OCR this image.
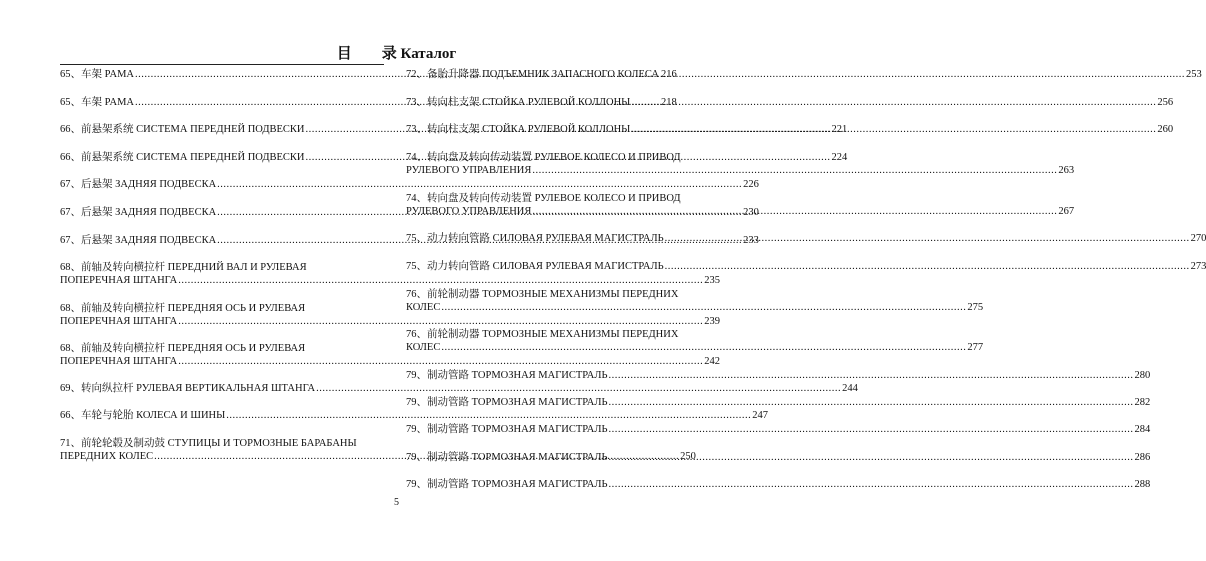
目　　录 Каталог
65、车架 PAMA .....	216
65、车架 PAMA .....	218
66、前悬架系统 СИСТЕМА ПЕРЕДНЕЙ ПОДВЕСКИ .....	221
66、前悬架系统 СИСТЕМА ПЕРЕДНЕЙ ПОДВЕСКИ .....	224
67、后悬架 ЗАДНЯЯ ПОДВЕСКА .....	226
67、后悬架 ЗАДНЯЯ ПОДВЕСКА .....	230
67、后悬架 ЗАДНЯЯ ПОДВЕСКА .....	233
68、前轴及转向横拉杆 ПЕРЕДНИЙ ВАЛ И РУЛЕВАЯ
ПОПЕРЕЧНАЯ ШТАНГА .....	235
68、前轴及转向横拉杆 ПЕРЕДНЯЯ ОСЬ И РУЛЕВАЯ
ПОПЕРЕЧНАЯ ШТАНГА .....	239
68、前轴及转向横拉杆 ПЕРЕДНЯЯ ОСЬ И РУЛЕВАЯ
ПОПЕРЕЧНАЯ ШТАНГА .....	242
69、转向纵拉杆 РУЛЕВАЯ ВЕРТИКАЛЬНАЯ ШТАНГА .....	244
66、车轮与轮胎 КОЛЕСА И ШИНЫ .....	247
71、前轮轮毂及制动鼓 СТУПИЦЫ И ТОРМОЗНЫЕ БАРАБАНЫ
ПЕРЕДНИХ КОЛЕС .....	250
72、备胎升降器 ПОДЪЕМНИК ЗАПАСНОГО КОЛЕСА .....	253
73、转向柱支架 СТОЙКА РУЛЕВОЙ КОЛЛОНЫ .....	256
73、转向柱支架 СТОЙКА РУЛЕВОЙ КОЛЛОНЫ .....	260
74、转向盘及转向传动装置 РУЛЕВОЕ КОЛЕСО И ПРИВОД
РУЛЕВОГО УПРАВЛЕНИЯ .....	263
74、转向盘及转向传动装置 РУЛЕВОЕ КОЛЕСО И ПРИВОД
РУЛЕВОГО УПРАВЛЕНИЯ .....	267
75、动力转向管路 СИЛОВАЯ РУЛЕВАЯ МАГИСТРАЛЬ .....	270
75、动力转向管路 СИЛОВАЯ РУЛЕВАЯ МАГИСТРАЛЬ .....	273
76、前轮制动器 ТОРМОЗНЫЕ МЕХАНИЗМЫ ПЕРЕДНИХ
КОЛЕС .....	275
76、前轮制动器 ТОРМОЗНЫЕ МЕХАНИЗМЫ ПЕРЕДНИХ
КОЛЕС .....	277
79、制动管路 ТОРМОЗНАЯ МАГИСТРАЛЬ .....	280
79、制动管路 ТОРМОЗНАЯ МАГИСТРАЛЬ .....	282
79、制动管路 ТОРМОЗНАЯ МАГИСТРАЛЬ .....	284
79、制动管路 ТОРМОЗНАЯ МАГИСТРАЛЬ .....	286
79、制动管路 ТОРМОЗНАЯ МАГИСТРАЛЬ .....	288
5
